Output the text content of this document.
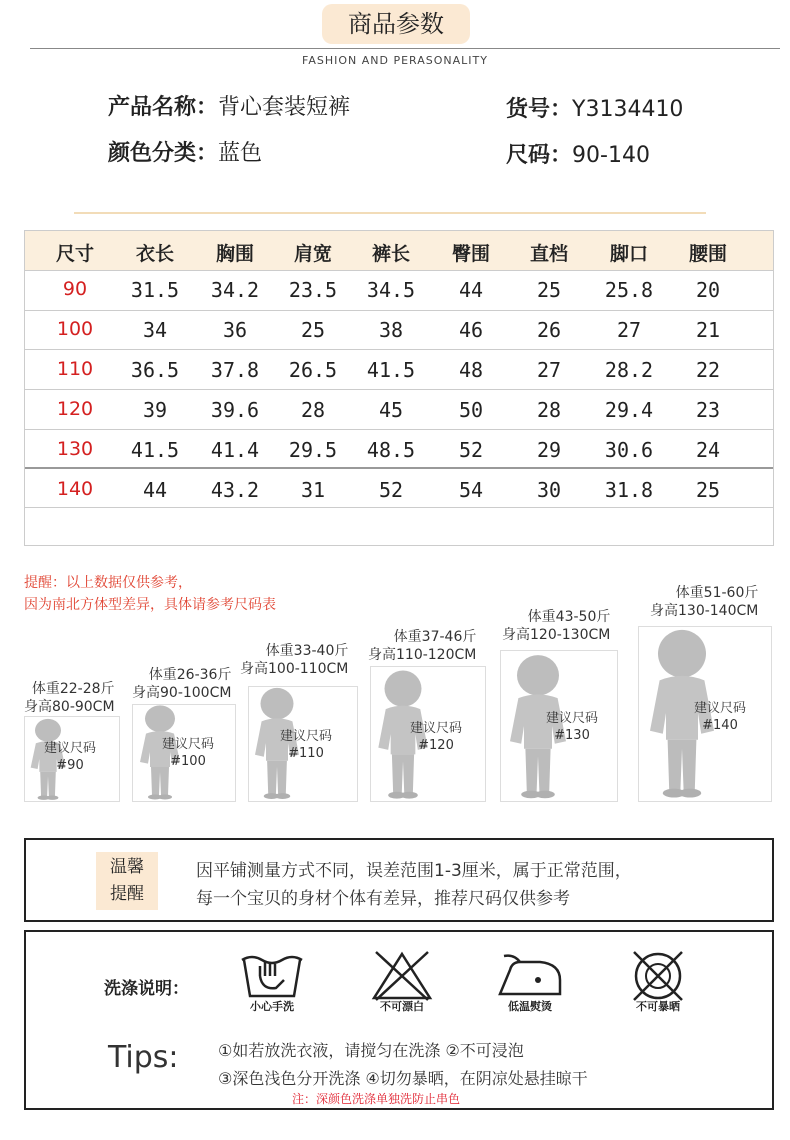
商品参数
FASHION AND PERASONALITY
产品名称：背心套装短裤
颜色分类：蓝色
货号：Y3134410
尺码：90-140
尺寸	衣长	胸围	肩宽	裤长	臀围	直档	脚口	腰围
90	31.5	34.2	23.5	34.5	44	25	25.8	20
100	34	36	25	38	46	26	27	21
110	36.5	37.8	26.5	41.5	48	27	28.2	22
120	39	39.6	28	45	50	28	29.4	23
130	41.5	41.4	29.5	48.5	52	29	30.6	24
140	44	43.2	31	52	54	30	31.8	25
提醒：以上数据仅供参考，
因为南北方体型差异，具体请参考尺码表
体重22-28斤
身高80-90CM
建议尺码
#90
体重26-36斤
身高90-100CM
建议尺码
#100
体重33-40斤
身高100-110CM
建议尺码
#110
体重37-46斤
身高110-120CM
建议尺码
#120
体重43-50斤
身高120-130CM
建议尺码
#130
体重51-60斤
身高130-140CM
建议尺码
#140
温馨
提醒
因平铺测量方式不同，误差范围1-3厘米，属于正常范围，
每一个宝贝的身材个体有差异，推荐尺码仅供参考
洗涤说明：
小心手洗	不可漂白	低温熨烫	不可暴晒
Tips: ①如若放洗衣液，请搅匀在洗涤 ②不可浸泡
③深色浅色分开洗涤 ④切勿暴晒，在阴凉处悬挂晾干
注：深颜色洗涤单独洗防止串色
